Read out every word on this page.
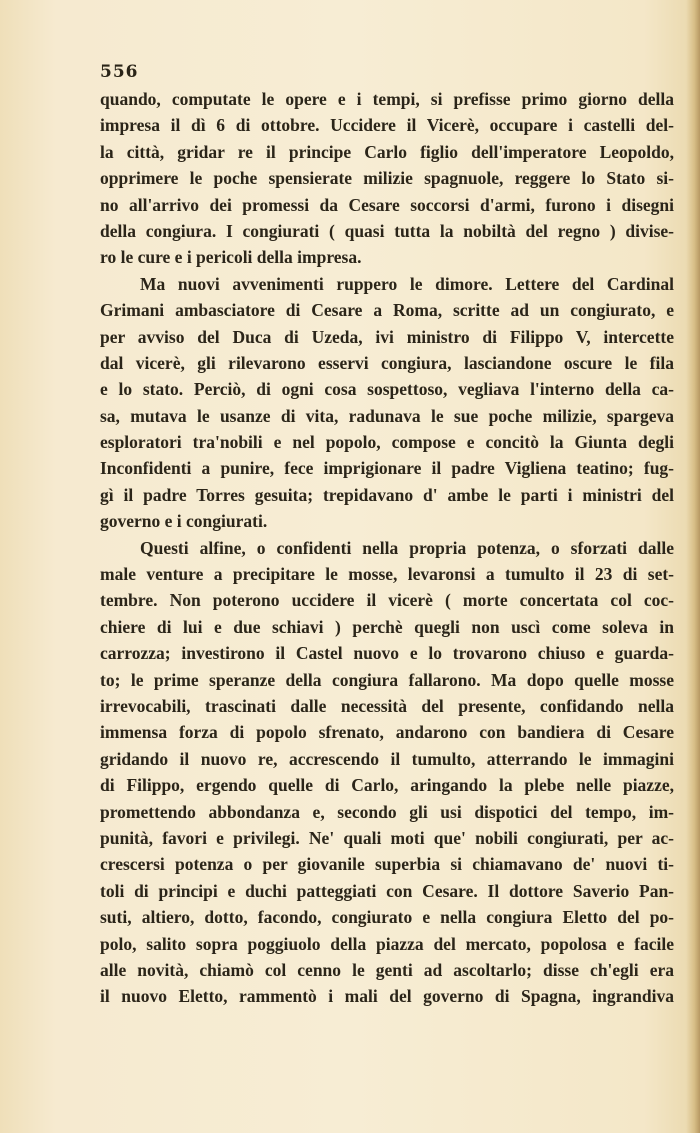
556
quando, computate le opere e i tempi, si prefisse primo giorno della
impresa il dì 6 di ottobre. Uccidere il Vicerè, occupare i castelli del-
la città, gridar re il principe Carlo figlio dell'imperatore Leopoldo,
opprimere le poche spensierate milizie spagnuole, reggere lo Stato si-
no all'arrivo dei promessi da Cesare soccorsi d'armi, furono i disegni
della congiura. I congiurati ( quasi tutta la nobiltà del regno ) divise-
ro le cure e i pericoli della impresa.
Ma nuovi avvenimenti ruppero le dimore. Lettere del Cardinal
Grimani ambasciatore di Cesare a Roma, scritte ad un congiurato, e
per avviso del Duca di Uzeda, ivi ministro di Filippo V, intercette
dal vicerè, gli rilevarono esservi congiura, lasciandone oscure le fila
e lo stato. Perciò, di ogni cosa sospettoso, vegliava l'interno della ca-
sa, mutava le usanze di vita, radunava le sue poche milizie, spargeva
esploratori tra'nobili e nel popolo, compose e concitò la Giunta degli
Inconfidenti a punire, fece imprigionare il padre Vigliena teatino; fug-
gì il padre Torres gesuita; trepidavano d' ambe le parti i ministri del
governo e i congiurati.
Questi alfine, o confidenti nella propria potenza, o sforzati dalle
male venture a precipitare le mosse, levaronsi a tumulto il 23 di set-
tembre. Non poterono uccidere il vicerè ( morte concertata col coc-
chiere di lui e due schiavi ) perchè quegli non uscì come soleva in
carrozza; investirono il Castel nuovo e lo trovarono chiuso e guarda-
to; le prime speranze della congiura fallarono. Ma dopo quelle mosse
irrevocabili, trascinati dalle necessità del presente, confidando nella
immensa forza di popolo sfrenato, andarono con bandiera di Cesare
gridando il nuovo re, accrescendo il tumulto, atterrando le immagini
di Filippo, ergendo quelle di Carlo, aringando la plebe nelle piazze,
promettendo abbondanza e, secondo gli usi dispotici del tempo, im-
punità, favori e privilegi. Ne' quali moti que' nobili congiurati, per ac-
crescersi potenza o per giovanile superbia si chiamavano de' nuovi ti-
toli di principi e duchi patteggiati con Cesare. Il dottore Saverio Pan-
suti, altiero, dotto, facondo, congiurato e nella congiura Eletto del po-
polo, salito sopra poggiuolo della piazza del mercato, popolosa e facile
alle novità, chiamò col cenno le genti ad ascoltarlo; disse ch'egli era
il nuovo Eletto, rammentò i mali del governo di Spagna, ingrandiva
